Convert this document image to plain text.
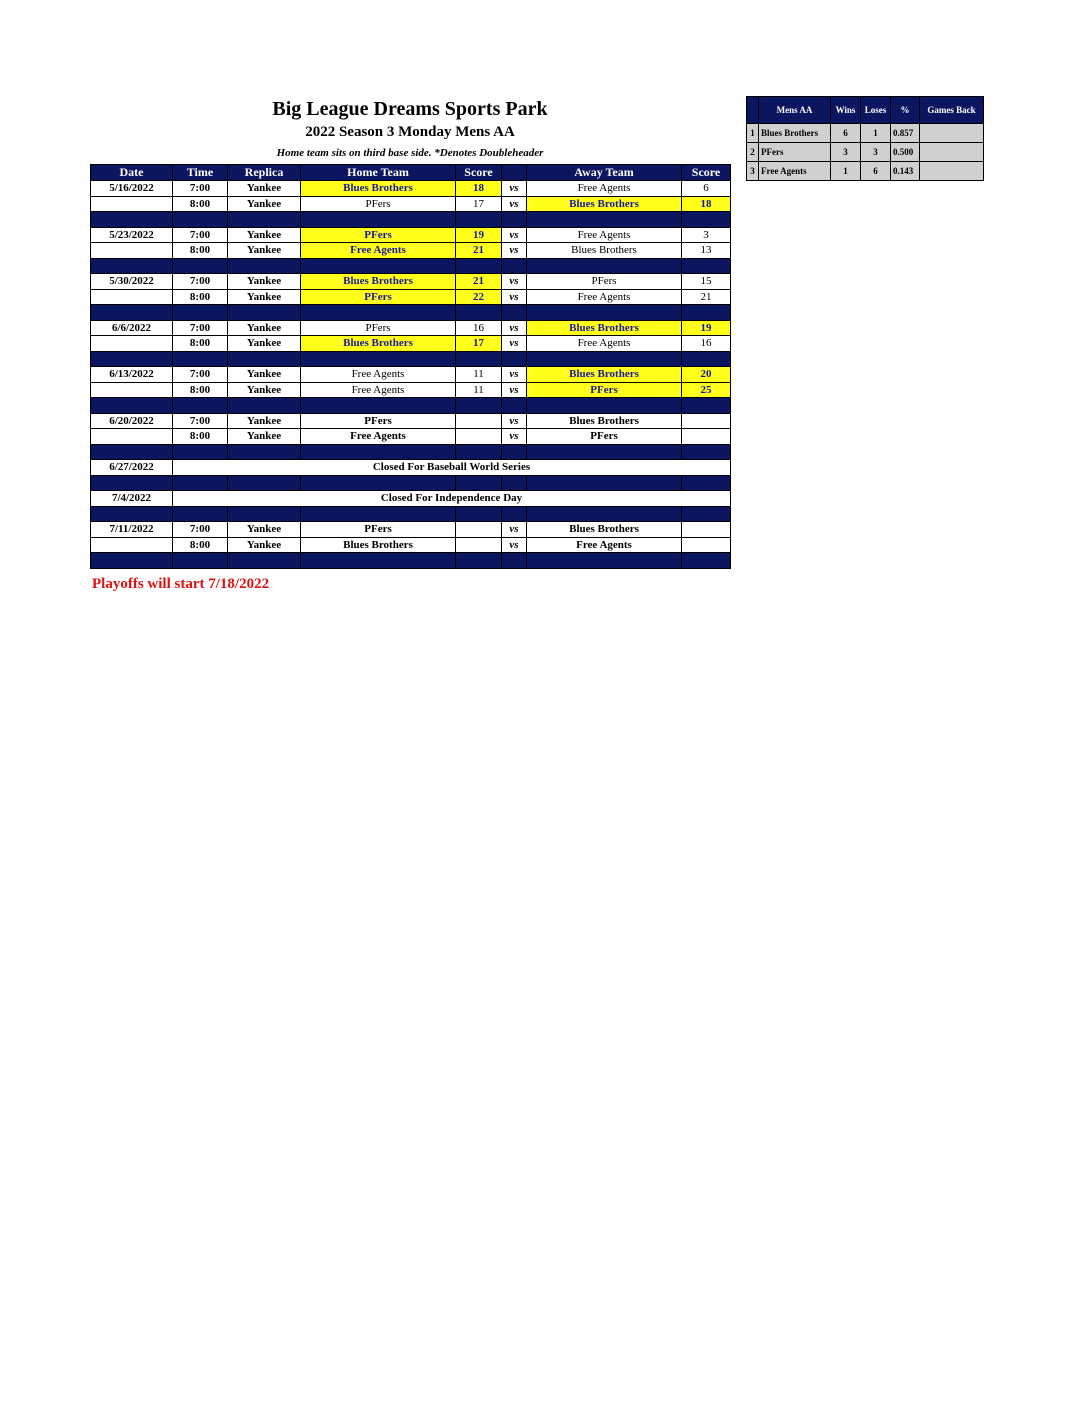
Big League Dreams Sports Park
2022 Season 3 Monday Mens AA
Home team sits on third base side. *Denotes Doubleheader
Date	Time	Replica	Home Team	Score		Away Team	Score
5/16/2022	7:00	Yankee	Blues Brothers	18	vs	Free Agents	6
	8:00	Yankee	PFers	17	vs	Blues Brothers	18

5/23/2022	7:00	Yankee	PFers	19	vs	Free Agents	3
	8:00	Yankee	Free Agents	21	vs	Blues Brothers	13

5/30/2022	7:00	Yankee	Blues Brothers	21	vs	PFers	15
	8:00	Yankee	PFers	22	vs	Free Agents	21

6/6/2022	7:00	Yankee	PFers	16	vs	Blues Brothers	19
	8:00	Yankee	Blues Brothers	17	vs	Free Agents	16

6/13/2022	7:00	Yankee	Free Agents	11	vs	Blues Brothers	20
	8:00	Yankee	Free Agents	11	vs	PFers	25

6/20/2022	7:00	Yankee	PFers		vs	Blues Brothers	
	8:00	Yankee	Free Agents		vs	PFers	

6/27/2022	Closed For Baseball World Series						

7/4/2022	Closed For Independence Day						

7/11/2022	7:00	Yankee	PFers		vs	Blues Brothers	
	8:00	Yankee	Blues Brothers		vs	Free Agents	

Playoffs will start 7/18/2022
	Mens AA	Wins	Loses	%	Games Back
1	Blues Brothers	6	1	0.857	
2	PFers	3	3	0.500	
3	Free Agents	1	6	0.143	
